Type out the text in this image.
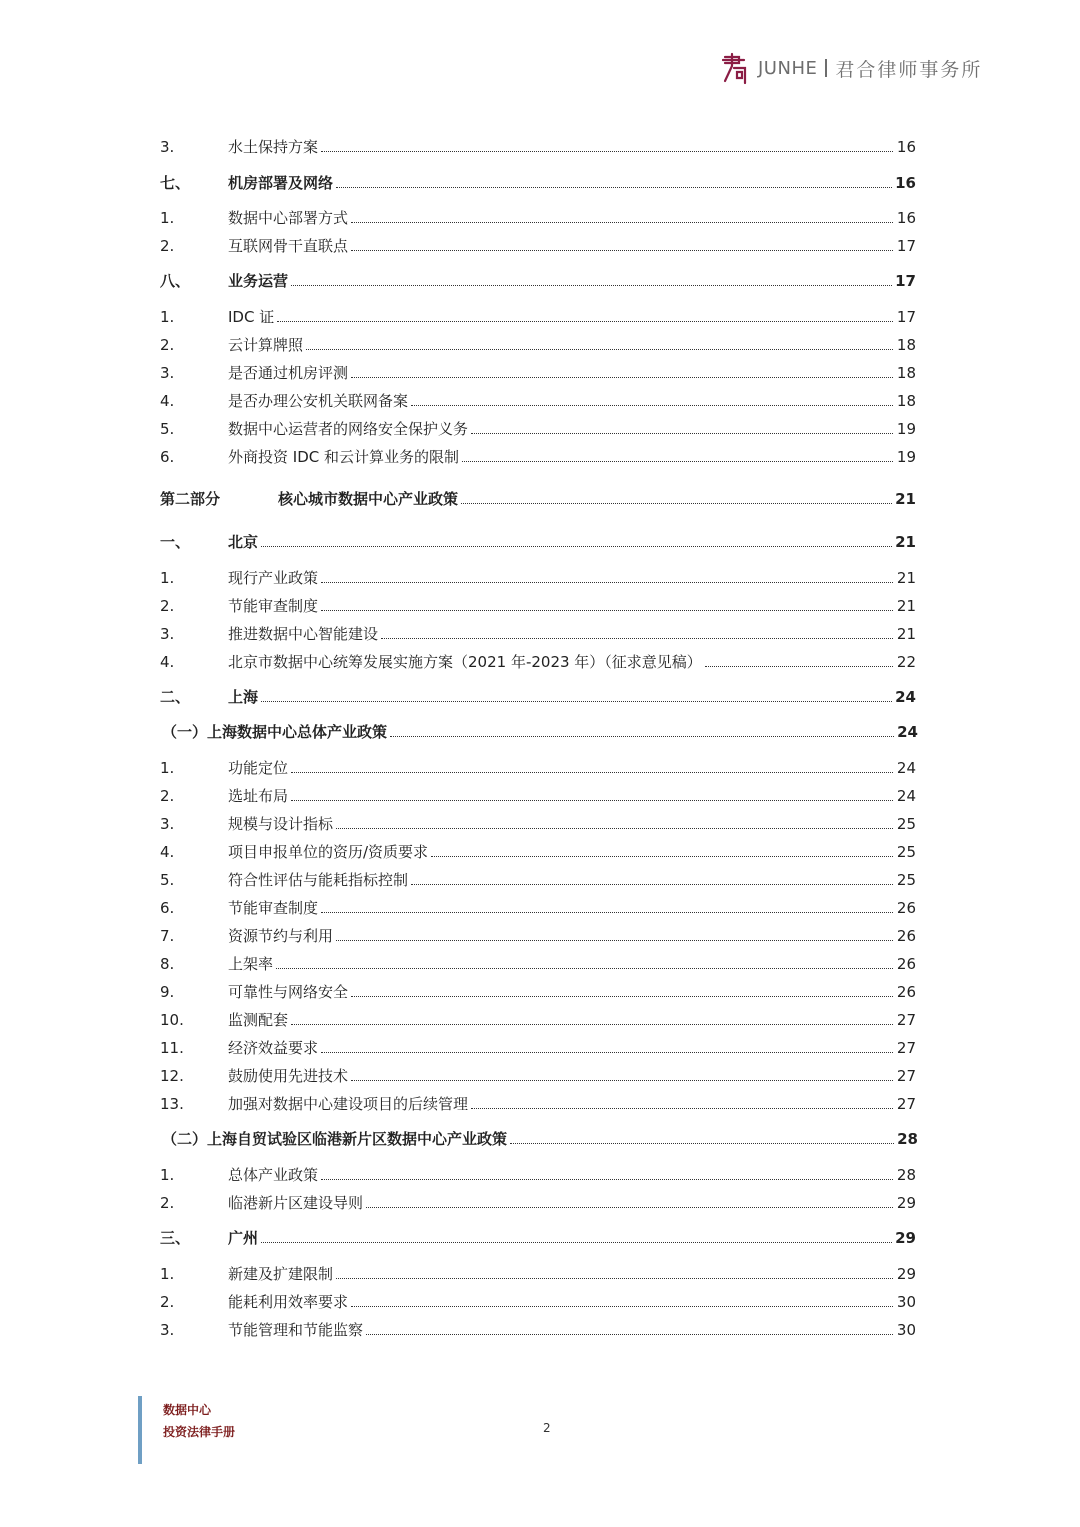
JUNHE 君合律师事务所
3.	水土保持方案	16
七、	机房部署及网络	16
1.	数据中心部署方式	16
2.	互联网骨干直联点	17
八、	业务运营	17
1.	IDC 证	17
2.	云计算牌照	18
3.	是否通过机房评测	18
4.	是否办理公安机关联网备案	18
5.	数据中心运营者的网络安全保护义务	19
6.	外商投资 IDC 和云计算业务的限制	19
第二部分	核心城市数据中心产业政策	21
一、	北京	21
1.	现行产业政策	21
2.	节能审查制度	21
3.	推进数据中心智能建设	21
4.	北京市数据中心统筹发展实施方案（2021 年-2023 年）（征求意见稿）	22
二、	上海	24
（一）上海数据中心总体产业政策	24
1.	功能定位	24
2.	选址布局	24
3.	规模与设计指标	25
4.	项目申报单位的资历/资质要求	25
5.	符合性评估与能耗指标控制	25
6.	节能审查制度	26
7.	资源节约与利用	26
8.	上架率	26
9.	可靠性与网络安全	26
10.	监测配套	27
11.	经济效益要求	27
12.	鼓励使用先进技术	27
13.	加强对数据中心建设项目的后续管理	27
（二）上海自贸试验区临港新片区数据中心产业政策	28
1.	总体产业政策	28
2.	临港新片区建设导则	29
三、	广州	29
1.	新建及扩建限制	29
2.	能耗利用效率要求	30
3.	节能管理和节能监察	30
数据中心
投资法律手册	2
